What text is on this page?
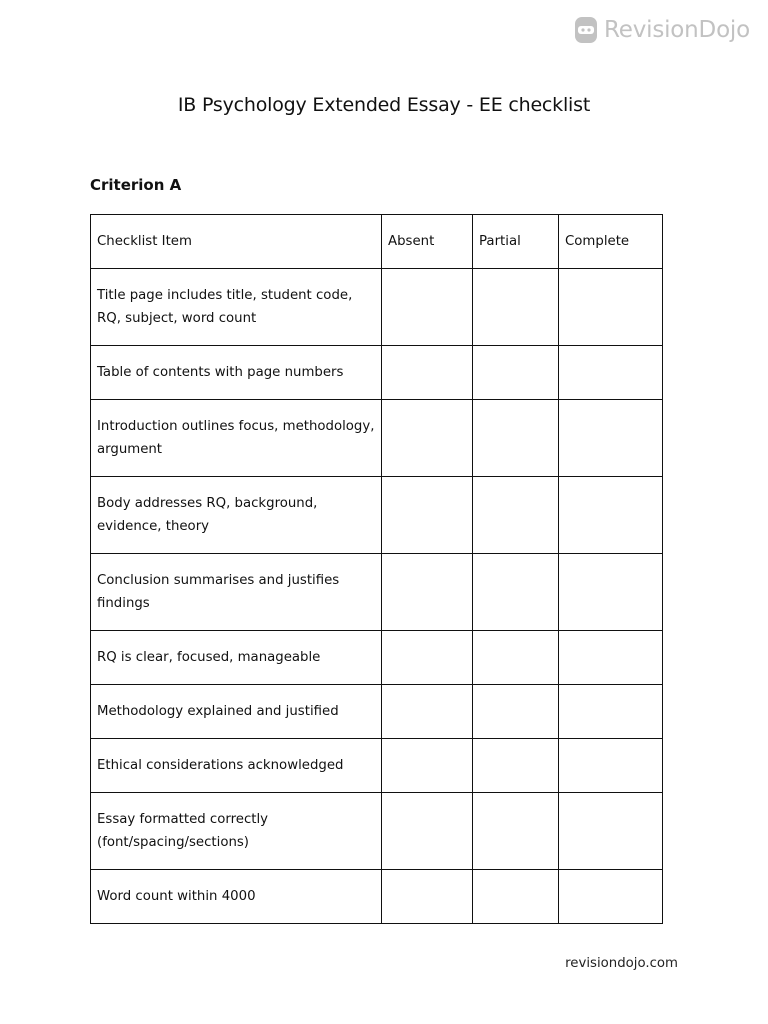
RevisionDojo
IB Psychology Extended Essay - EE checklist
Criterion A
Checklist Item	Absent	Partial	Complete
Title page includes title, student code, RQ, subject, word count			
Table of contents with page numbers			
Introduction outlines focus, methodology, argument			
Body addresses RQ, background, evidence, theory			
Conclusion summarises and justifies findings			
RQ is clear, focused, manageable			
Methodology explained and justified			
Ethical considerations acknowledged			
Essay formatted correctly (font/spacing/sections)			
Word count within 4000			
revisiondojo.com
